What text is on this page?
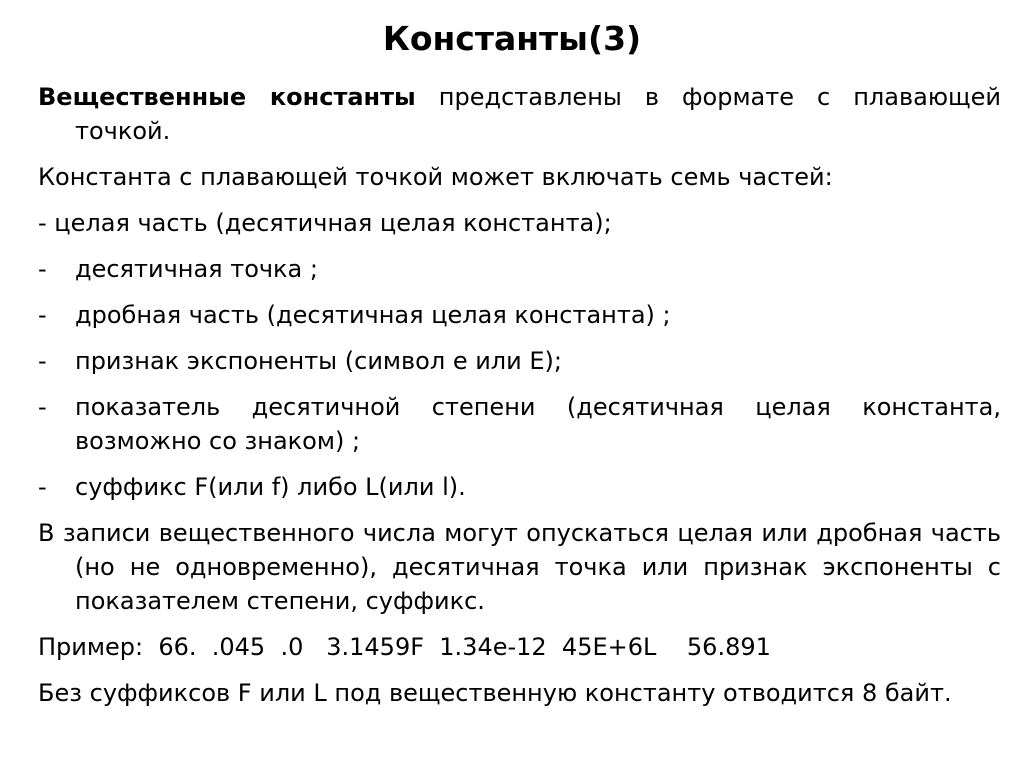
Константы(3)

Вещественные константы представлены в формате с плавающей точкой.

Константа с плавающей точкой может включать семь частей:

- целая часть (десятичная целая константа);

- десятичная точка ;

- дробная часть (десятичная целая константа) ;

- признак экспоненты (символ e или E);

- показатель десятичной степени (десятичная целая константа, возможно со знаком) ;

- суффикс F(или f) либо L(или l).

В записи вещественного числа могут опускаться целая или дробная часть (но не одновременно), десятичная точка или признак экспоненты с показателем степени, суффикс.

Пример:  66.  .045  .0   3.1459F  1.34e-12  45E+6L    56.891

Без суффиксов F или L под вещественную константу отводится 8 байт.
